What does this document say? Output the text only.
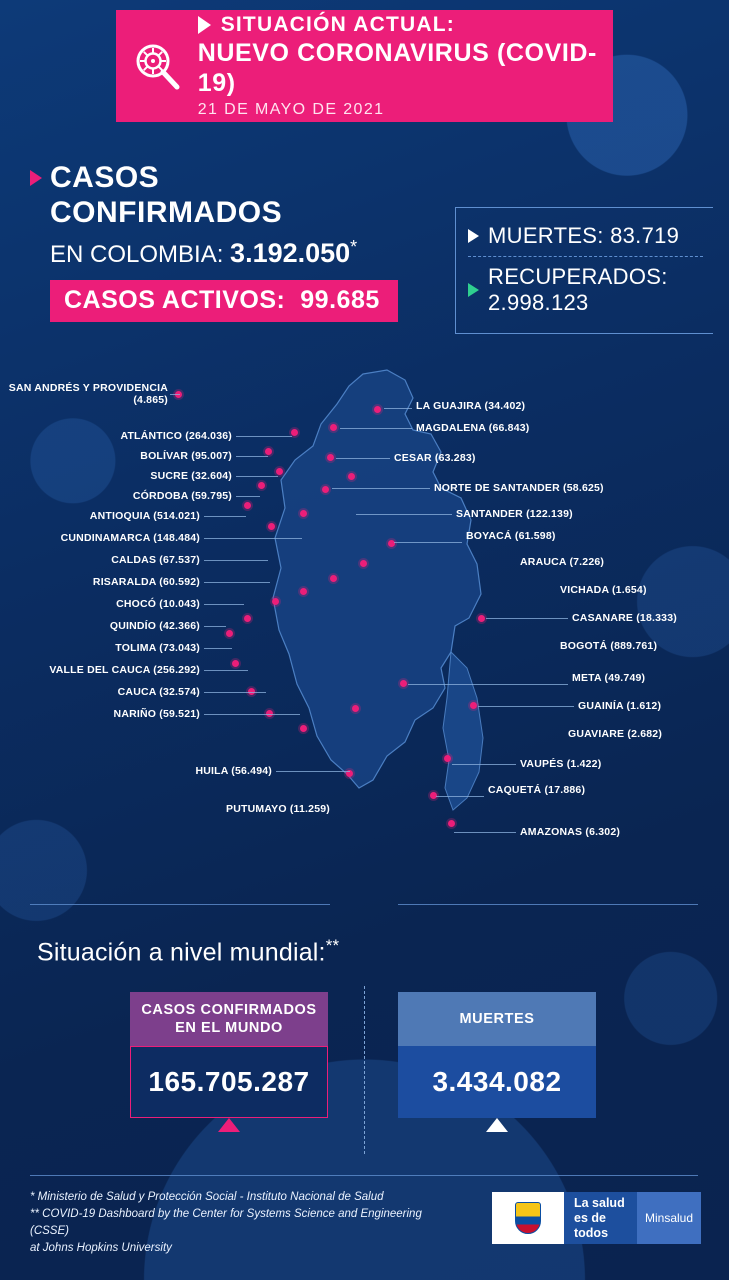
SITUACIÓN ACTUAL:
NUEVO CORONAVIRUS (COVID-19)
21 DE MAYO DE 2021
CASOS
CONFIRMADOS
EN COLOMBIA: 3.192.050*
CASOS ACTIVOS: 99.685
MUERTES: 83.719
RECUPERADOS: 2.998.123
SAN ANDRÉS Y PROVIDENCIA
(4.865)
ATLÁNTICO (264.036)
BOLÍVAR (95.007)
SUCRE (32.604)
CÓRDOBA (59.795)
ANTIOQUIA (514.021)
CUNDINAMARCA (148.484)
CALDAS (67.537)
RISARALDA (60.592)
CHOCÓ (10.043)
QUINDÍO (42.366)
TOLIMA (73.043)
VALLE DEL CAUCA (256.292)
CAUCA (32.574)
NARIÑO (59.521)
HUILA (56.494)
PUTUMAYO (11.259)
LA GUAJIRA (34.402)
MAGDALENA (66.843)
CESAR (63.283)
NORTE DE SANTANDER (58.625)
SANTANDER (122.139)
BOYACÁ (61.598)
ARAUCA (7.226)
VICHADA (1.654)
CASANARE (18.333)
BOGOTÁ (889.761)
META (49.749)
GUAINÍA (1.612)
GUAVIARE (2.682)
VAUPÉS (1.422)
CAQUETÁ (17.886)
AMAZONAS (6.302)
Situación a nivel mundial:**
CASOS CONFIRMADOS
EN EL MUNDO
165.705.287
MUERTES
3.434.082
* Ministerio de Salud y Protección Social - Instituto Nacional de Salud
** COVID-19 Dashboard by the Center for Systems Science and Engineering (CSSE)
at Johns Hopkins University
La salud
es de todos
Minsalud
